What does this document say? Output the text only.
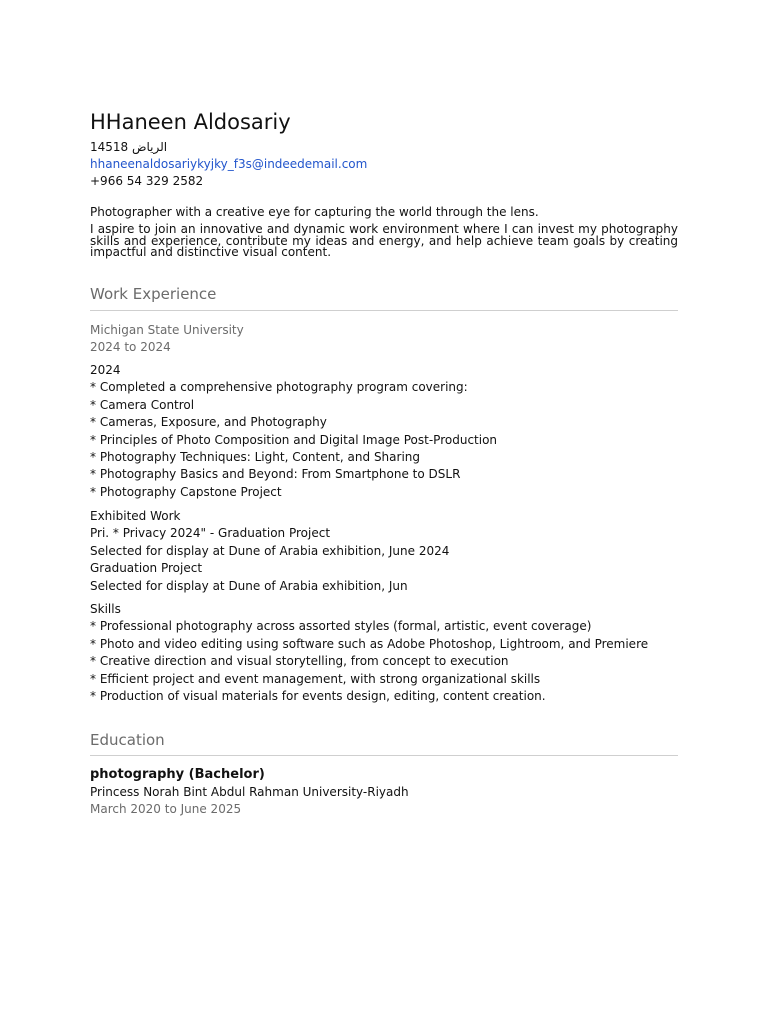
HHaneen Aldosariy
14518 الرياض
hhaneenaldosariykyjky_f3s@indeedemail.com
+966 54 329 2582
Photographer with a creative eye for capturing the world through the lens.
I aspire to join an innovative and dynamic work environment where I can invest my photography skills and experience, contribute my ideas and energy, and help achieve team goals by creating impactful and distinctive visual content.
Work Experience
Michigan State University
2024 to 2024
2024
* Completed a comprehensive photography program covering:
* Camera Control
* Cameras, Exposure, and Photography
* Principles of Photo Composition and Digital Image Post-Production
* Photography Techniques: Light, Content, and Sharing
* Photography Basics and Beyond: From Smartphone to DSLR
* Photography Capstone Project
Exhibited Work
Pri. * Privacy 2024" - Graduation Project
Selected for display at Dune of Arabia exhibition, June 2024
Graduation Project
Selected for display at Dune of Arabia exhibition, Jun
Skills
* Professional photography across assorted styles (formal, artistic, event coverage)
* Photo and video editing using software such as Adobe Photoshop, Lightroom, and Premiere
* Creative direction and visual storytelling, from concept to execution
* Efficient project and event management, with strong organizational skills
* Production of visual materials for events design, editing, content creation.
Education
photography (Bachelor)
Princess Norah Bint Abdul Rahman University-Riyadh
March 2020 to June 2025
